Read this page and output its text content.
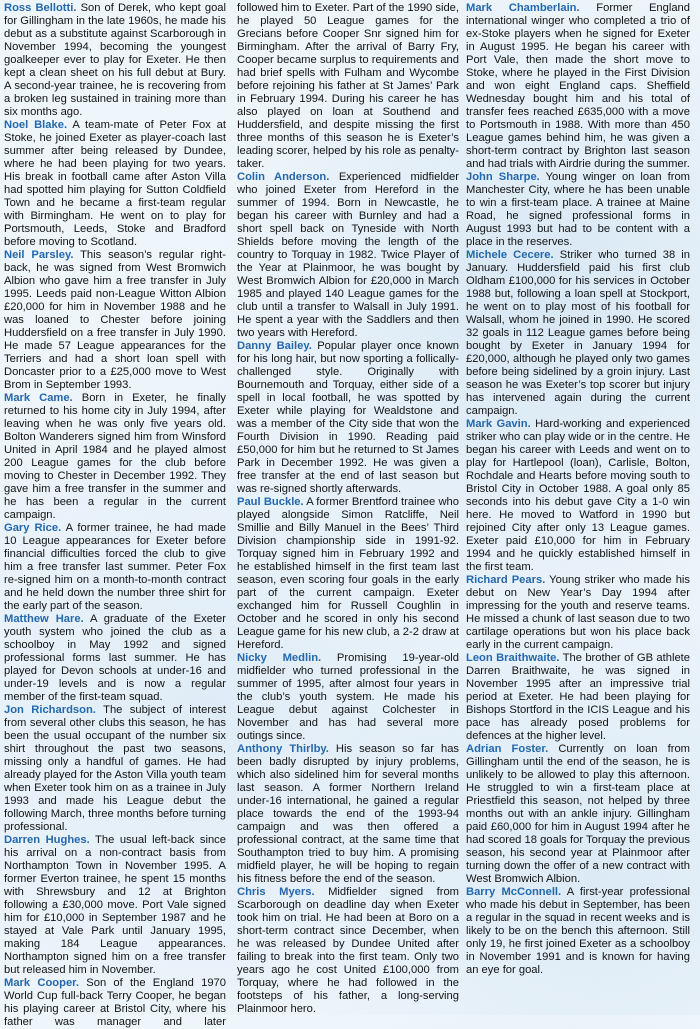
Ross Bellotti. Son of Derek, who kept goal for Gillingham in the late 1960s, he made his debut as a substitute against Scarborough in November 1994, becoming the youngest goalkeeper ever to play for Exeter. He then kept a clean sheet on his full debut at Bury. A second-year trainee, he is recovering from a broken leg sustained in training more than six months ago.

Noel Blake. A team-mate of Peter Fox at Stoke, he joined Exeter as player-coach last summer after being released by Dundee, where he had been playing for two years. His break in football came after Aston Villa had spotted him playing for Sutton Coldfield Town and he became a first-team regular with Birmingham. He went on to play for Portsmouth, Leeds, Stoke and Bradford before moving to Scotland.

Neil Parsley. This season’s regular right-back, he was signed from West Bromwich Albion who gave him a free transfer in July 1995. Leeds paid non-League Witton Albion £20,000 for him in November 1988 and he was loaned to Chester before joining Huddersfield on a free transfer in July 1990. He made 57 League appearances for the Terriers and had a short loan spell with Doncaster prior to a £25,000 move to West Brom in September 1993.

Mark Came. Born in Exeter, he finally returned to his home city in July 1994, after leaving when he was only five years old. Bolton Wanderers signed him from Winsford United in April 1984 and he played almost 200 League games for the club before moving to Chester in December 1992. They gave him a free transfer in the summer and he has been a regular in the current campaign.

Gary Rice. A former trainee, he had made 10 League appearances for Exeter before financial difficulties forced the club to give him a free transfer last summer. Peter Fox re-signed him on a month-to-month contract and he held down the number three shirt for the early part of the season.

Matthew Hare. A graduate of the Exeter youth system who joined the club as a schoolboy in May 1992 and signed professional forms last summer. He has played for Devon schools at under-16 and under-19 levels and is now a regular member of the first-team squad.

Jon Richardson. The subject of interest from several other clubs this season, he has been the usual occupant of the number six shirt throughout the past two seasons, missing only a handful of games. He had already played for the Aston Villa youth team when Exeter took him on as a trainee in July 1993 and made his League debut the following March, three months before turning professional.

Darren Hughes. The usual left-back since his arrival on a non-contract basis from Northampton Town in November 1995. A former Everton trainee, he spent 15 months with Shrewsbury and 12 at Brighton following a £30,000 move. Port Vale signed him for £10,000 in September 1987 and he stayed at Vale Park until January 1995, making 184 League appearances. Northampton signed him on a free transfer but released him in November.

Mark Cooper. Son of the England 1970 World Cup full-back Terry Cooper, he began his playing career at Bristol City, where his father was manager and later

followed him to Exeter. Part of the 1990 side, he played 50 League games for the Grecians before Cooper Snr signed him for Birmingham. After the arrival of Barry Fry, Cooper became surplus to requirements and had brief spells with Fulham and Wycombe before rejoining his father at St James’ Park in February 1994. During his career he has also played on loan at Southend and Huddersfield, and despite missing the first three months of this season he is Exeter’s leading scorer, helped by his role as penalty-taker.

Colin Anderson. Experienced midfielder who joined Exeter from Hereford in the summer of 1994. Born in Newcastle, he began his career with Burnley and had a short spell back on Tyneside with North Shields before moving the length of the country to Torquay in 1982. Twice Player of the Year at Plainmoor, he was bought by West Bromwich Albion for £20,000 in March 1985 and played 140 League games for the club until a transfer to Walsall in July 1991. He spent a year with the Saddlers and then two years with Hereford.

Danny Bailey. Popular player once known for his long hair, but now sporting a follically-challenged style. Originally with Bournemouth and Torquay, either side of a spell in local football, he was spotted by Exeter while playing for Wealdstone and was a member of the City side that won the Fourth Division in 1990. Reading paid £50,000 for him but he returned to St James Park in December 1992. He was given a free transfer at the end of last season but was re-signed shortly afterwards.

Paul Buckle. A former Brentford trainee who played alongside Simon Ratcliffe, Neil Smillie and Billy Manuel in the Bees’ Third Division championship side in 1991-92. Torquay signed him in February 1992 and he established himself in the first team last season, even scoring four goals in the early part of the current campaign. Exeter exchanged him for Russell Coughlin in October and he scored in only his second League game for his new club, a 2-2 draw at Hereford.

Nicky Medlin. Promising 19-year-old midfielder who turned professional in the summer of 1995, after almost four years in the club’s youth system. He made his League debut against Colchester in November and has had several more outings since.

Anthony Thirlby. His season so far has been badly disrupted by injury problems, which also sidelined him for several months last season. A former Northern Ireland under-16 international, he gained a regular place towards the end of the 1993-94 campaign and was then offered a professional contract, at the same time that Southampton tried to buy him. A promising midfield player, he will be hoping to regain his fitness before the end of the season.

Chris Myers. Midfielder signed from Scarborough on deadline day when Exeter took him on trial. He had been at Boro on a short-term contract since December, when he was released by Dundee United after failing to break into the first team. Only two years ago he cost United £100,000 from Torquay, where he had followed in the footsteps of his father, a long-serving Plainmoor hero.

Mark Chamberlain. Former England international winger who completed a trio of ex-Stoke players when he signed for Exeter in August 1995. He began his career with Port Vale, then made the short move to Stoke, where he played in the First Division and won eight England caps. Sheffield Wednesday bought him and his total of transfer fees reached £635,000 with a move to Portsmouth in 1988. With more than 450 League games behind him, he was given a short-term contract by Brighton last season and had trials with Airdrie during the summer.

John Sharpe. Young winger on loan from Manchester City, where he has been unable to win a first-team place. A trainee at Maine Road, he signed professional forms in August 1993 but had to be content with a place in the reserves.

Michele Cecere. Striker who turned 38 in January. Huddersfield paid his first club Oldham £100,000 for his services in October 1988 but, following a loan spell at Stockport, he went on to play most of his football for Walsall, whom he joined in 1990. He scored 32 goals in 112 League games before being bought by Exeter in January 1994 for £20,000, although he played only two games before being sidelined by a groin injury. Last season he was Exeter’s top scorer but injury has intervened again during the current campaign.

Mark Gavin. Hard-working and experienced striker who can play wide or in the centre. He began his career with Leeds and went on to play for Hartlepool (loan), Carlisle, Bolton, Rochdale and Hearts before moving south to Bristol City in October 1988. A goal only 85 seconds into his debut gave City a 1-0 win here. He moved to Watford in 1990 but rejoined City after only 13 League games. Exeter paid £10,000 for him in February 1994 and he quickly established himself in the first team.

Richard Pears. Young striker who made his debut on New Year’s Day 1994 after impressing for the youth and reserve teams. He missed a chunk of last season due to two cartilage operations but won his place back early in the current campaign.

Leon Braithwaite. The brother of GB athlete Darren Braithwaite, he was signed in November 1995 after an impressive trial period at Exeter. He had been playing for Bishops Stortford in the ICIS League and his pace has already posed problems for defences at the higher level.

Adrian Foster. Currently on loan from Gillingham until the end of the season, he is unlikely to be allowed to play this afternoon. He struggled to win a first-team place at Priestfield this season, not helped by three months out with an ankle injury. Gillingham paid £60,000 for him in August 1994 after he had scored 18 goals for Torquay the previous season, his second year at Plainmoor after turning down the offer of a new contract with West Bromwich Albion.

Barry McConnell. A first-year professional who made his debut in September, has been a regular in the squad in recent weeks and is likely to be on the bench this afternoon. Still only 19, he first joined Exeter as a schoolboy in November 1991 and is known for having an eye for goal.
